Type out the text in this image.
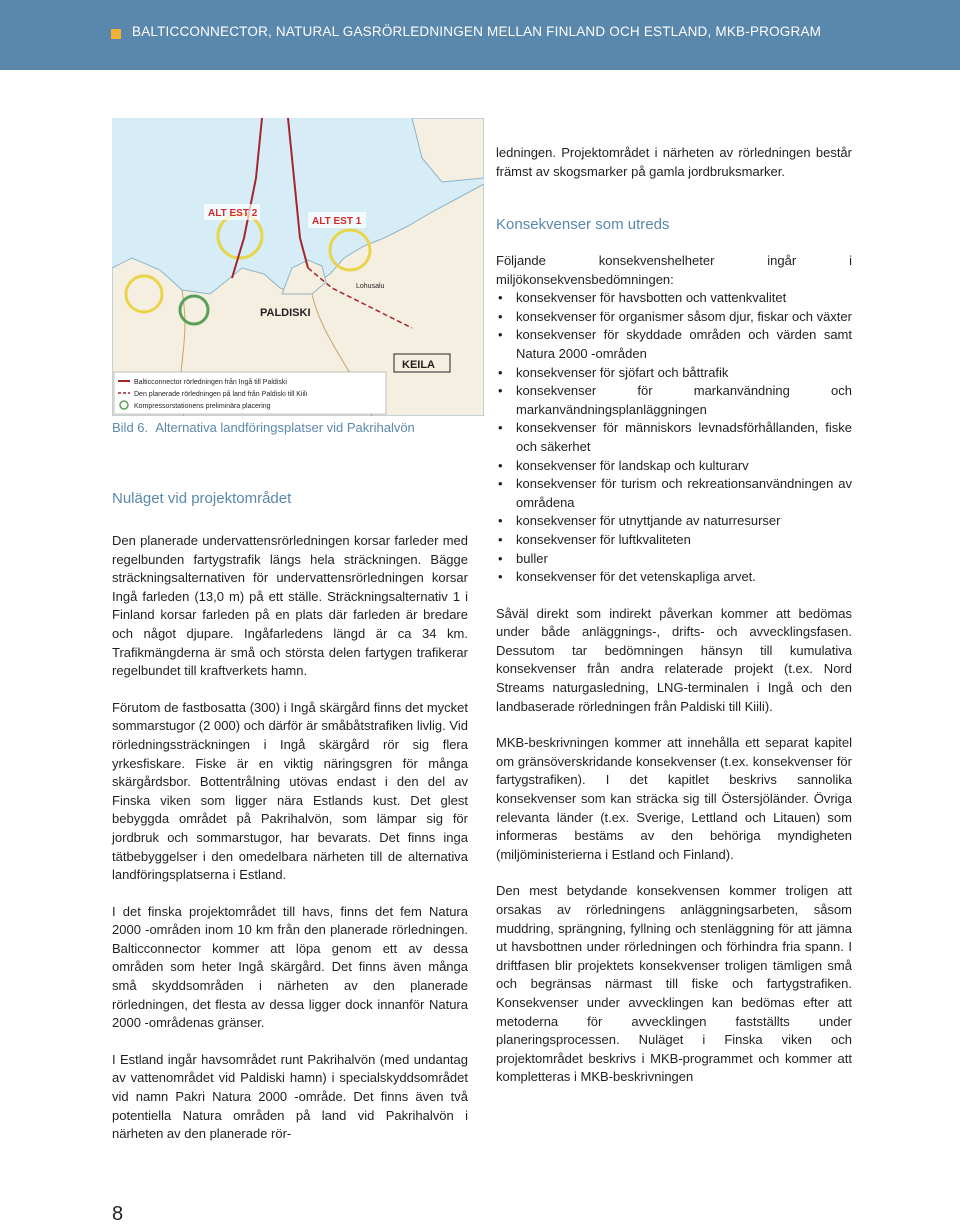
BALTICCONNECTOR, NATURAL GASRÖRLEDNINGEN MELLAN FINLAND OCH ESTLAND, MKB-PROGRAM
ALT EST 2
ALT EST 1
PALDISKI
Lohusalu
KEILA
Balticconnector rörledningen från Ingå till Paldiski
Den planerade rörledningen på land från Paldiski till Kiili
Kompressorstationens preliminära placering
Bild 6. Alternativa landföringsplatser vid Pakrihalvön
Nuläget vid projektområdet

Den planerade undervattensrörledningen korsar farleder med regelbunden fartygstrafik längs hela sträckningen. Bägge sträckningsalternativen för undervattensrörledningen korsar Ingå farleden (13,0 m) på ett ställe. Sträckningsalternativ 1 i Finland korsar farleden på en plats där farleden är bredare och något djupare. Ingåfarledens längd är ca 34 km. Trafikmängderna är små och största delen fartygen trafikerar regelbundet till kraftverkets hamn.

Förutom de fastbosatta (300) i Ingå skärgård finns det mycket sommarstugor (2 000) och därför är småbåtstrafiken livlig. Vid rörledningssträckningen i Ingå skärgård rör sig flera yrkesfiskare. Fiske är en viktig näringsgren för många skärgårdsbor. Bottentrålning utövas endast i den del av Finska viken som ligger nära Estlands kust. Det glest bebyggda området på Pakrihalvön, som lämpar sig för jordbruk och sommarstugor, har bevarats. Det finns inga tätbebyggelser i den omedelbara närheten till de alternativa landföringsplatserna i Estland.

I det finska projektområdet till havs, finns det fem Natura 2000 -områden inom 10 km från den planerade rörledningen. Balticconnector kommer att löpa genom ett av dessa områden som heter Ingå skärgård. Det finns även många små skyddsområden i närheten av den planerade rörledningen, det flesta av dessa ligger dock innanför Natura 2000 -områdenas gränser.

I Estland ingår havsområdet runt Pakrihalvön (med undantag av vattenområdet vid Paldiski hamn) i specialskyddsområdet vid namn Pakri Natura 2000 -område. Det finns även två potentiella Natura områden på land vid Pakrihalvön i närheten av den planerade rör-

ledningen. Projektområdet i närheten av rörledningen består främst av skogsmarker på gamla jordbruksmarker.

Konsekvenser som utreds

Följande konsekvenshelheter ingår i miljökonsekvensbedömningen:

• konsekvenser för havsbotten och vattenkvalitet
• konsekvenser för organismer såsom djur, fiskar och växter
• konsekvenser för skyddade områden och värden samt Natura 2000 -områden
• konsekvenser för sjöfart och båttrafik
• konsekvenser för markanvändning och markanvändningsplanläggningen
• konsekvenser för människors levnadsförhållanden, fiske och säkerhet
• konsekvenser för landskap och kulturarv
• konsekvenser för turism och rekreationsanvändningen av områdena
• konsekvenser för utnyttjande av naturresurser
• konsekvenser för luftkvaliteten
• buller
• konsekvenser för det vetenskapliga arvet.

Såväl direkt som indirekt påverkan kommer att bedömas under både anläggnings-, drifts- och avvecklingsfasen. Dessutom tar bedömningen hänsyn till kumulativa konsekvenser från andra relaterade projekt (t.ex. Nord Streams naturgasledning, LNG-terminalen i Ingå och den landbaserade rörledningen från Paldiski till Kiili).

MKB-beskrivningen kommer att innehålla ett separat kapitel om gränsöverskridande konsekvenser (t.ex. konsekvenser för fartygstrafiken). I det kapitlet beskrivs sannolika konsekvenser som kan sträcka sig till Östersjöländer. Övriga relevanta länder (t.ex. Sverige, Lettland och Litauen) som informeras bestäms av den behöriga myndigheten (miljöministerierna i Estland och Finland).

Den mest betydande konsekvensen kommer troligen att orsakas av rörledningens anläggningsarbeten, såsom muddring, sprängning, fyllning och stenläggning för att jämna ut havsbottnen under rörledningen och förhindra fria spann. I driftfasen blir projektets konsekvenser troligen tämligen små och begränsas närmast till fiske och fartygstrafiken. Konsekvenser under avvecklingen kan bedömas efter att metoderna för avvecklingen fastställts under planeringsprocessen. Nuläget i Finska viken och projektområdet beskrivs i MKB-programmet och kommer att kompletteras i MKB-beskrivningen

8
